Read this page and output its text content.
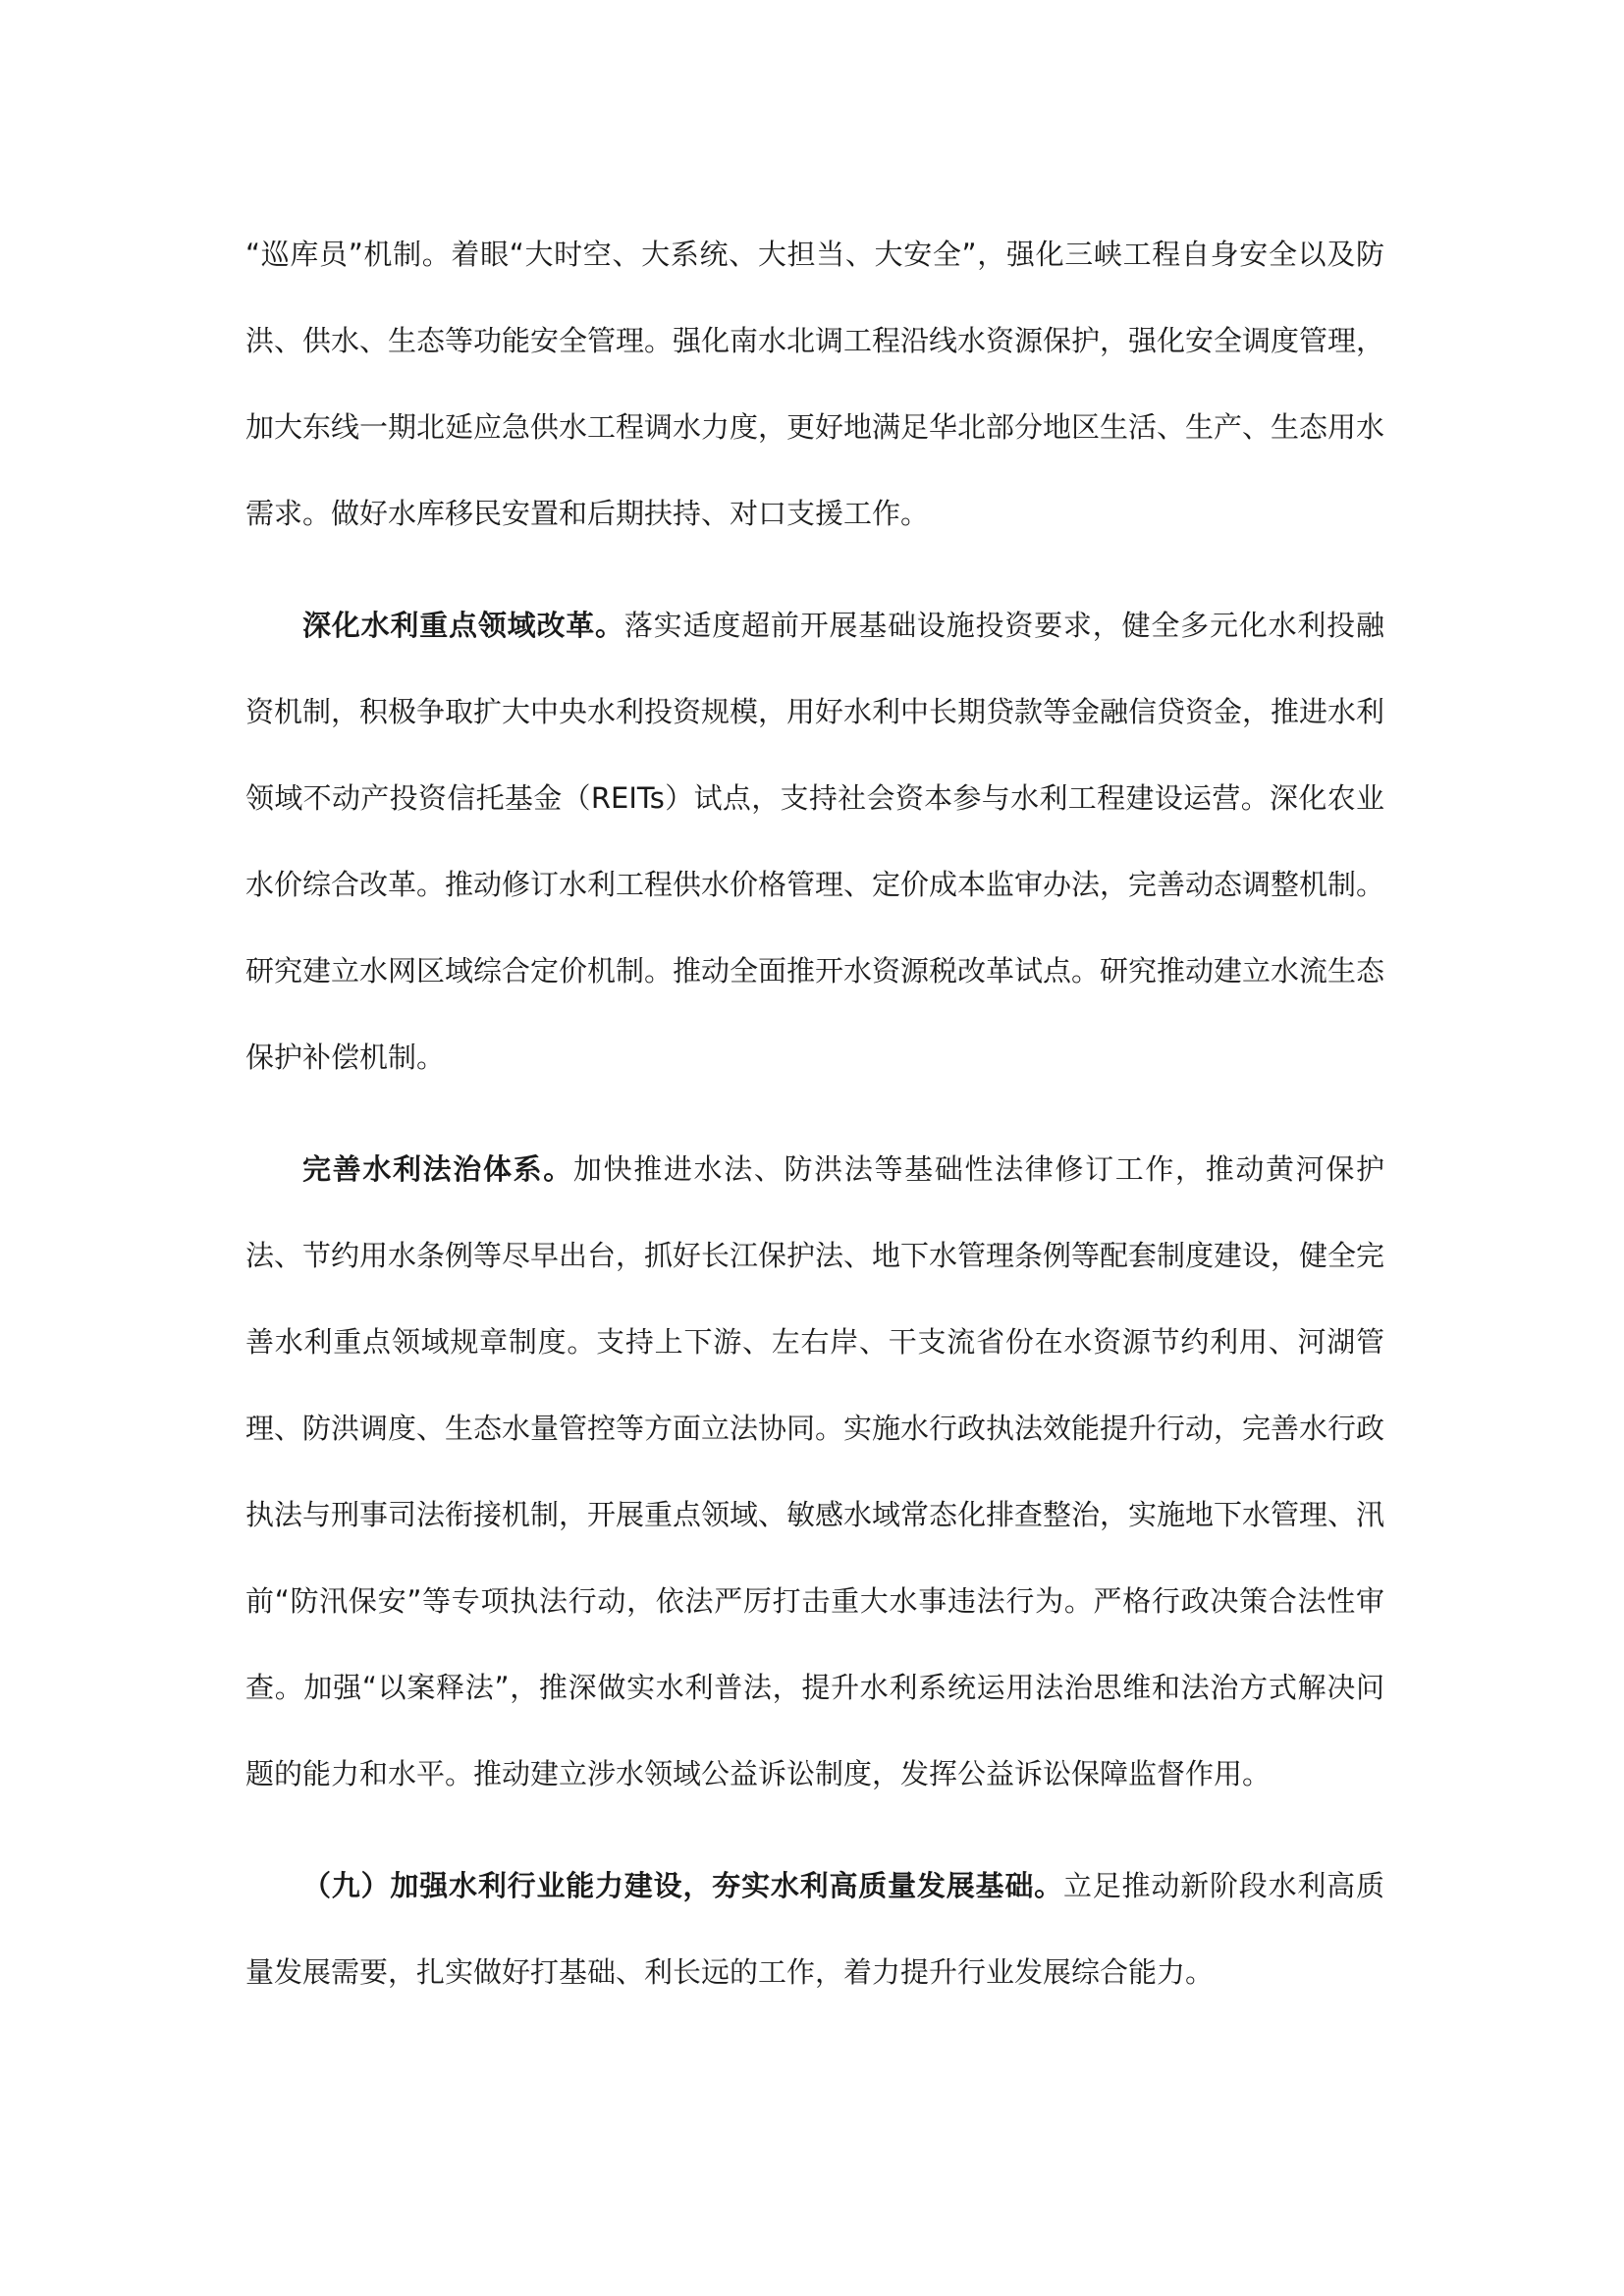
“巡库员”机制。着眼“大时空、大系统、大担当、大安全”，强化三峡工程自身安全以及防洪、供水、生态等功能安全管理。强化南水北调工程沿线水资源保护，强化安全调度管理，加大东线一期北延应急供水工程调水力度，更好地满足华北部分地区生活、生产、生态用水需求。做好水库移民安置和后期扶持、对口支援工作。

深化水利重点领域改革。落实适度超前开展基础设施投资要求，健全多元化水利投融资机制，积极争取扩大中央水利投资规模，用好水利中长期贷款等金融信贷资金，推进水利领域不动产投资信托基金（REITs）试点，支持社会资本参与水利工程建设运营。深化农业水价综合改革。推动修订水利工程供水价格管理、定价成本监审办法，完善动态调整机制。研究建立水网区域综合定价机制。推动全面推开水资源税改革试点。研究推动建立水流生态保护补偿机制。

完善水利法治体系。加快推进水法、防洪法等基础性法律修订工作，推动黄河保护法、节约用水条例等尽早出台，抓好长江保护法、地下水管理条例等配套制度建设，健全完善水利重点领域规章制度。支持上下游、左右岸、干支流省份在水资源节约利用、河湖管理、防洪调度、生态水量管控等方面立法协同。实施水行政执法效能提升行动，完善水行政执法与刑事司法衔接机制，开展重点领域、敏感水域常态化排查整治，实施地下水管理、汛前“防汛保安”等专项执法行动，依法严厉打击重大水事违法行为。严格行政决策合法性审查。加强“以案释法”，推深做实水利普法，提升水利系统运用法治思维和法治方式解决问题的能力和水平。推动建立涉水领域公益诉讼制度，发挥公益诉讼保障监督作用。

（九）加强水利行业能力建设，夯实水利高质量发展基础。立足推动新阶段水利高质量发展需要，扎实做好打基础、利长远的工作，着力提升行业发展综合能力。
